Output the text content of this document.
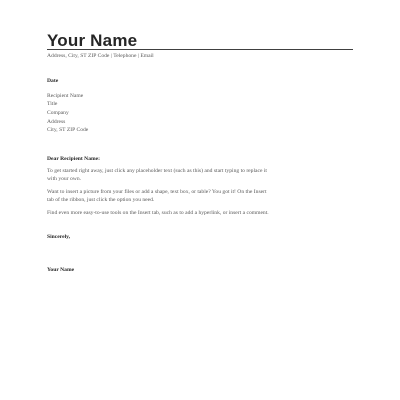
Your Name
Address, City, ST ZIP Code | Telephone | Email
Date
Recipient Name
Title
Company
Address
City, ST ZIP Code
Dear Recipient Name:
To get started right away, just click any placeholder text (such as this) and start typing to replace it
with your own.
Want to insert a picture from your files or add a shape, text box, or table? You got it! On the Insert
tab of the ribbon, just click the option you need.
Find even more easy-to-use tools on the Insert tab, such as to add a hyperlink, or insert a comment.
Sincerely,
Your Name
